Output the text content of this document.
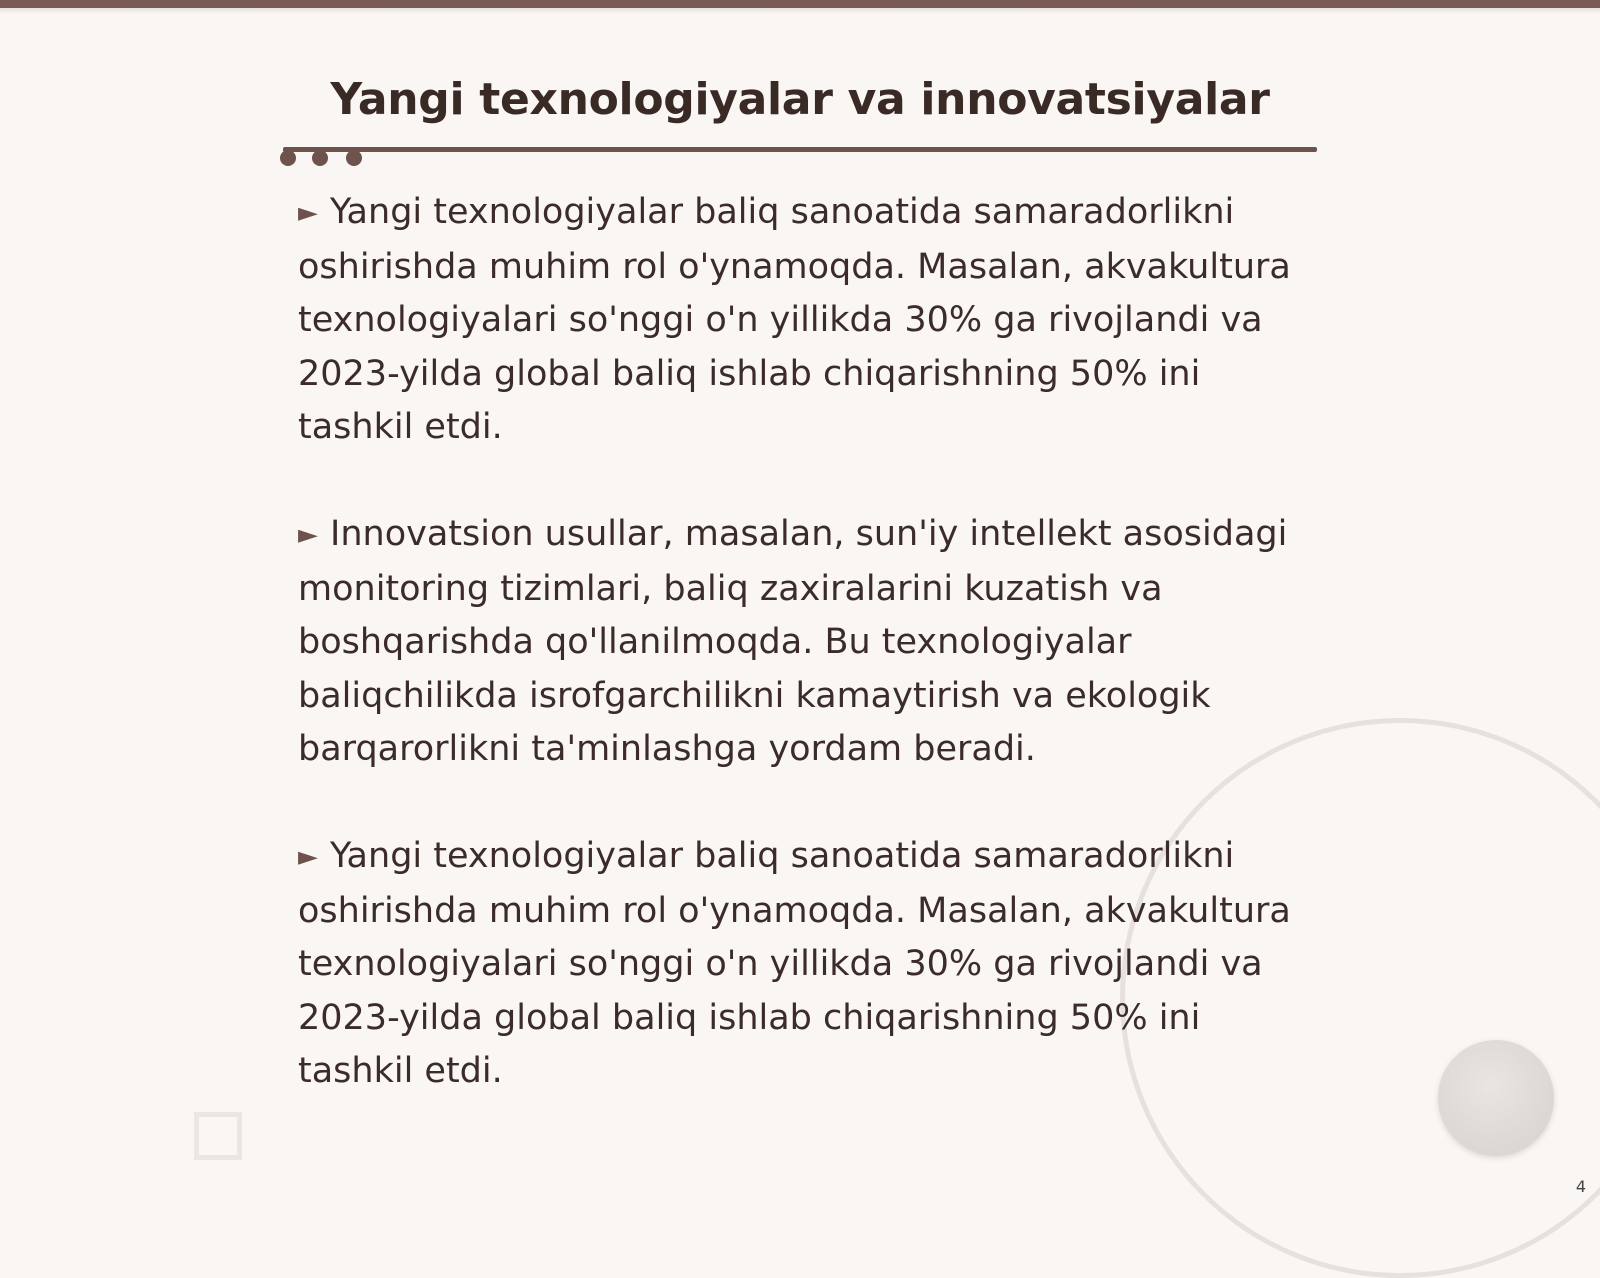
Yangi texnologiyalar va innovatsiyalar

► Yangi texnologiyalar baliq sanoatida samaradorlikni oshirishda muhim rol o'ynamoqda. Masalan, akvakultura texnologiyalari so'nggi o'n yillikda 30% ga rivojlandi va 2023-yilda global baliq ishlab chiqarishning 50% ini tashkil etdi.

► Innovatsion usullar, masalan, sun'iy intellekt asosidagi monitoring tizimlari, baliq zaxiralarini kuzatish va boshqarishda qo'llanilmoqda. Bu texnologiyalar baliqchilikda isrofgarchilikni kamaytirish va ekologik barqarorlikni ta'minlashga yordam beradi.

► Yangi texnologiyalar baliq sanoatida samaradorlikni oshirishda muhim rol o'ynamoqda. Masalan, akvakultura texnologiyalari so'nggi o'n yillikda 30% ga rivojlandi va 2023-yilda global baliq ishlab chiqarishning 50% ini tashkil etdi.

4
